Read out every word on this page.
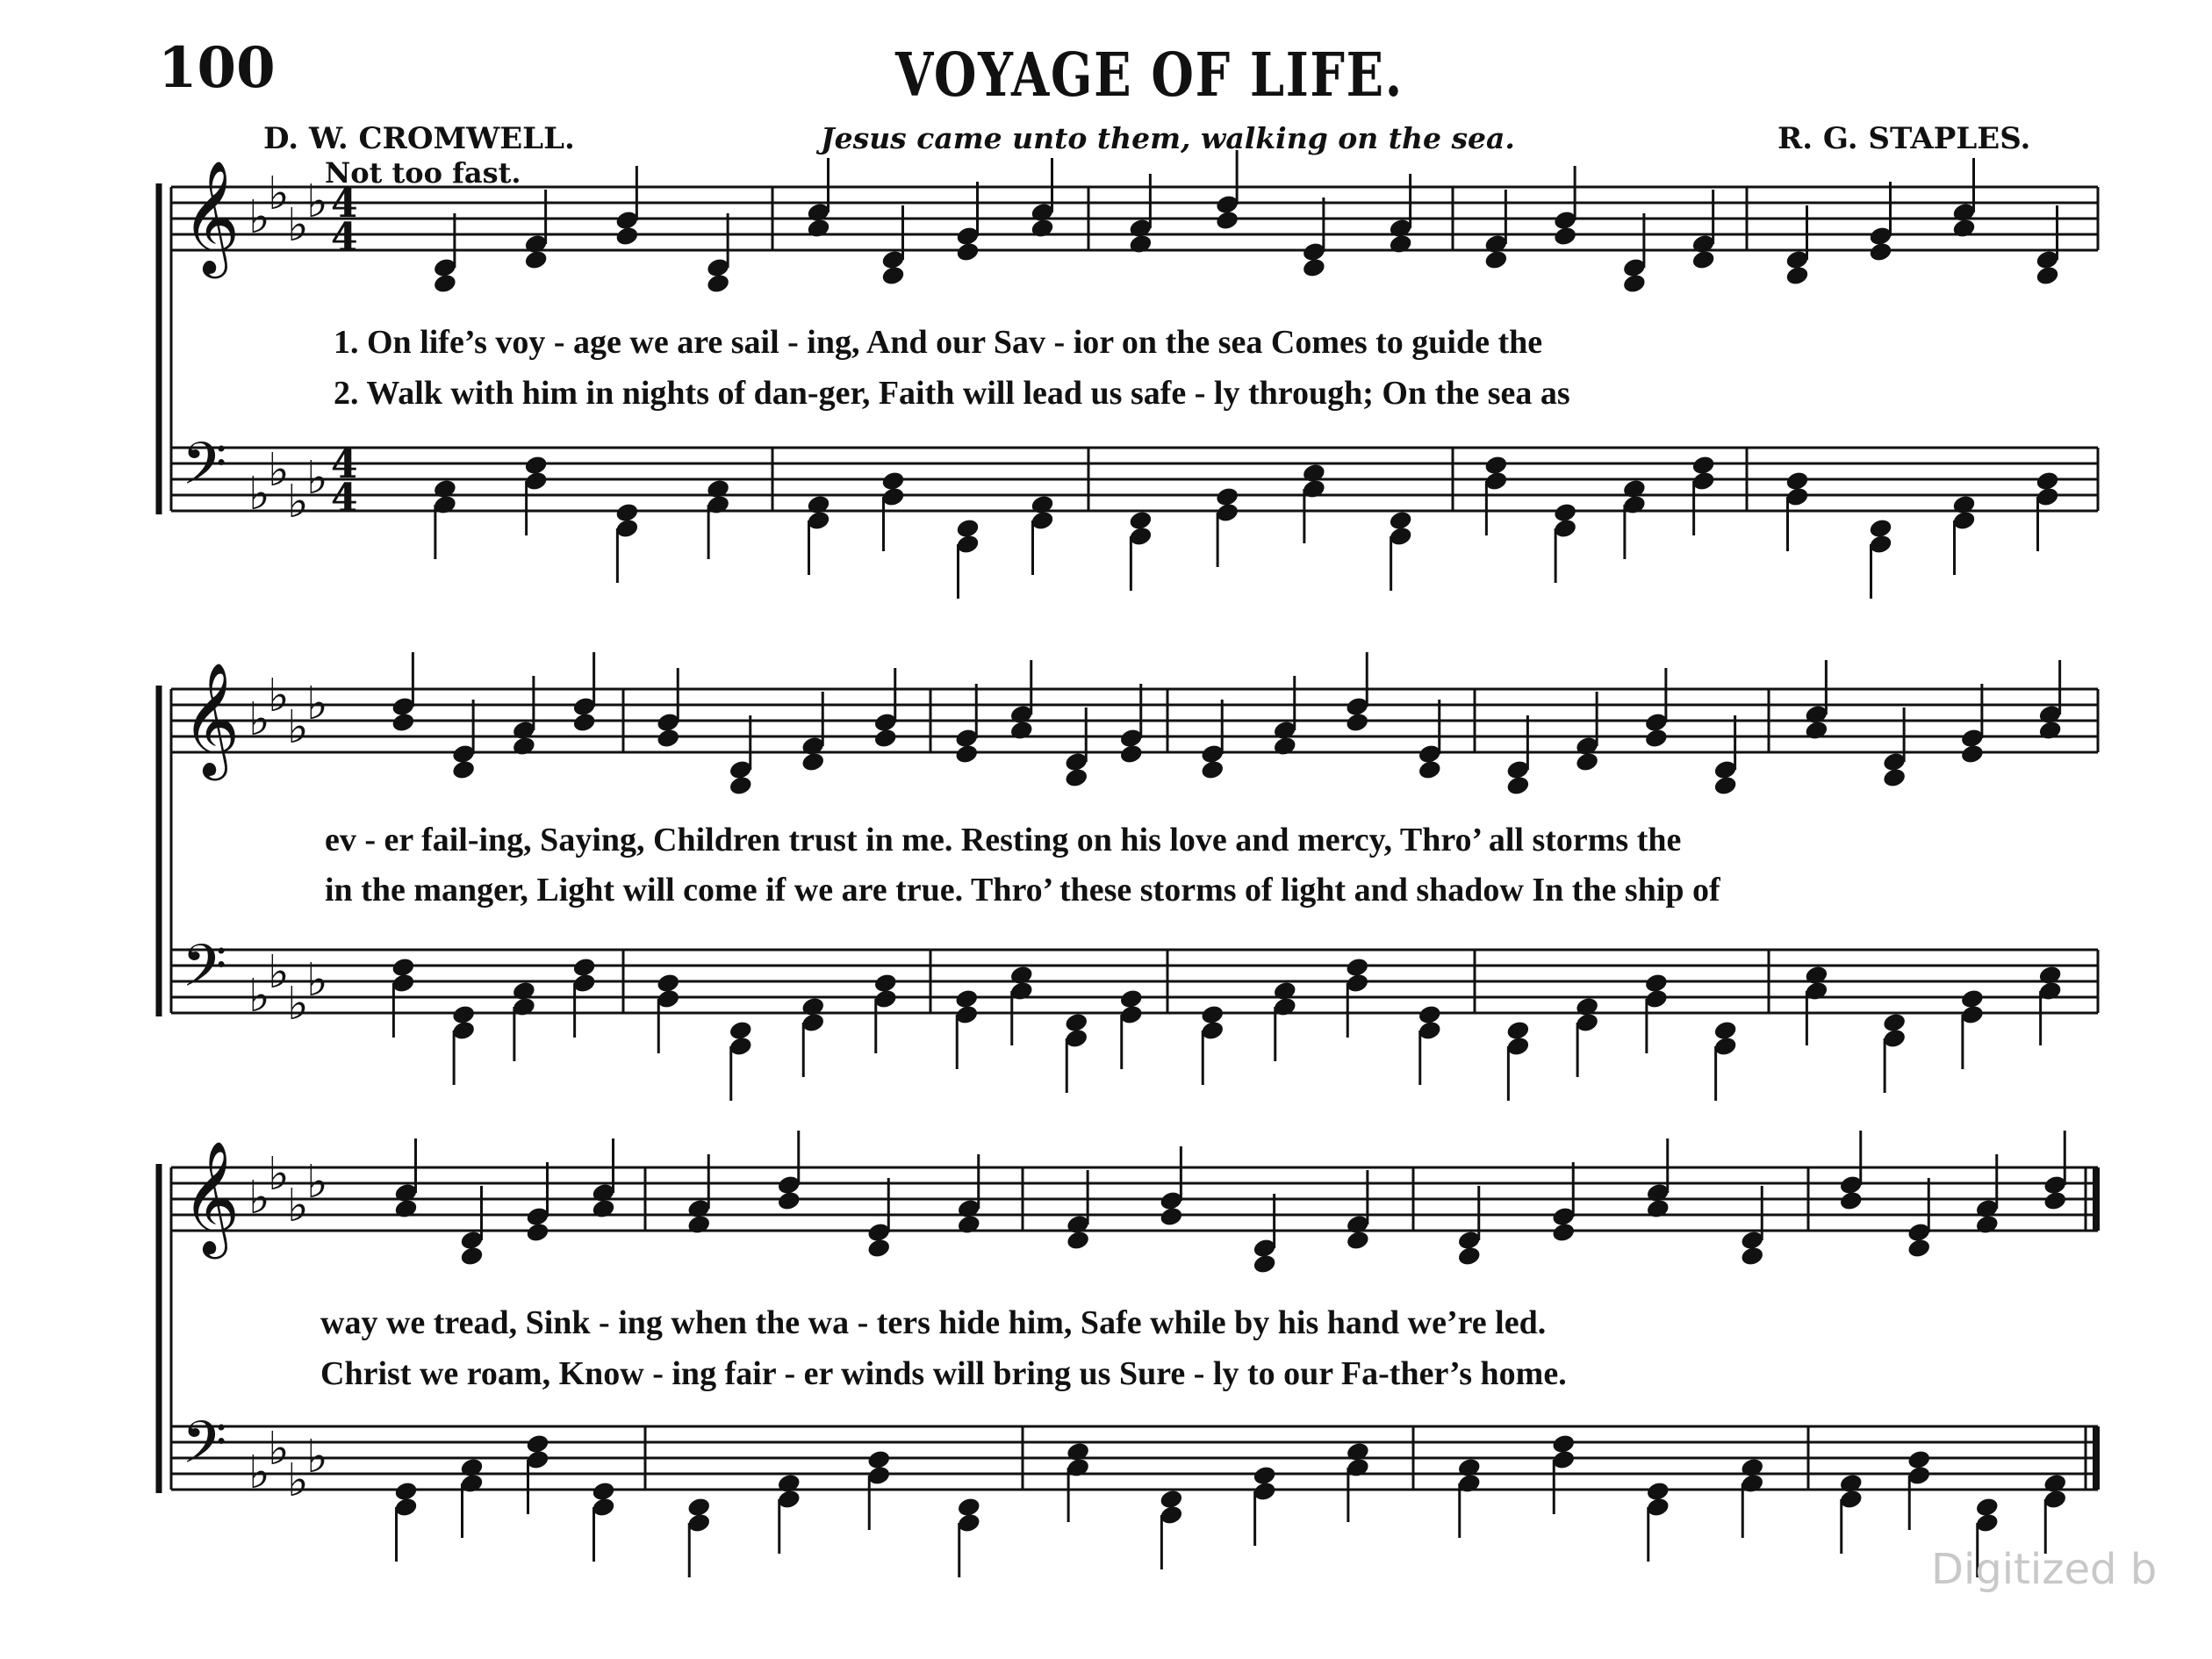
𝄞 ♭
♭
♭
♭ 4
4
𝄢 ♭
♭
♭
♭ 4
4
𝄞 ♭
♭
♭
♭
𝄢 ♭
♭
♭
♭
𝄞 ♭
♭
♭
♭
𝄢 ♭
♭
♭
♭
100	VOYAGE OF LIFE.
D. W. CROMWELL.	Jesus came unto them, walking on the sea.	R. G. STAPLES.
Not too fast.
1. On life’s voy - age we are sail - ing, And our Sav - ior on the sea Comes to guide the
2. Walk with him in nights of dan-ger, Faith will lead us safe - ly through; On the sea as
ev - er fail-ing, Saying, Children trust in me. Resting on his love and mercy, Thro’ all storms the
in the manger, Light will come if we are true. Thro’ these storms of light and shadow In the ship of
way we tread, Sink - ing when the wa - ters hide him, Safe while by his hand we’re led.
Christ we roam, Know - ing fair - er winds will bring us Sure - ly to our Fa-ther’s home.
Digitized b
